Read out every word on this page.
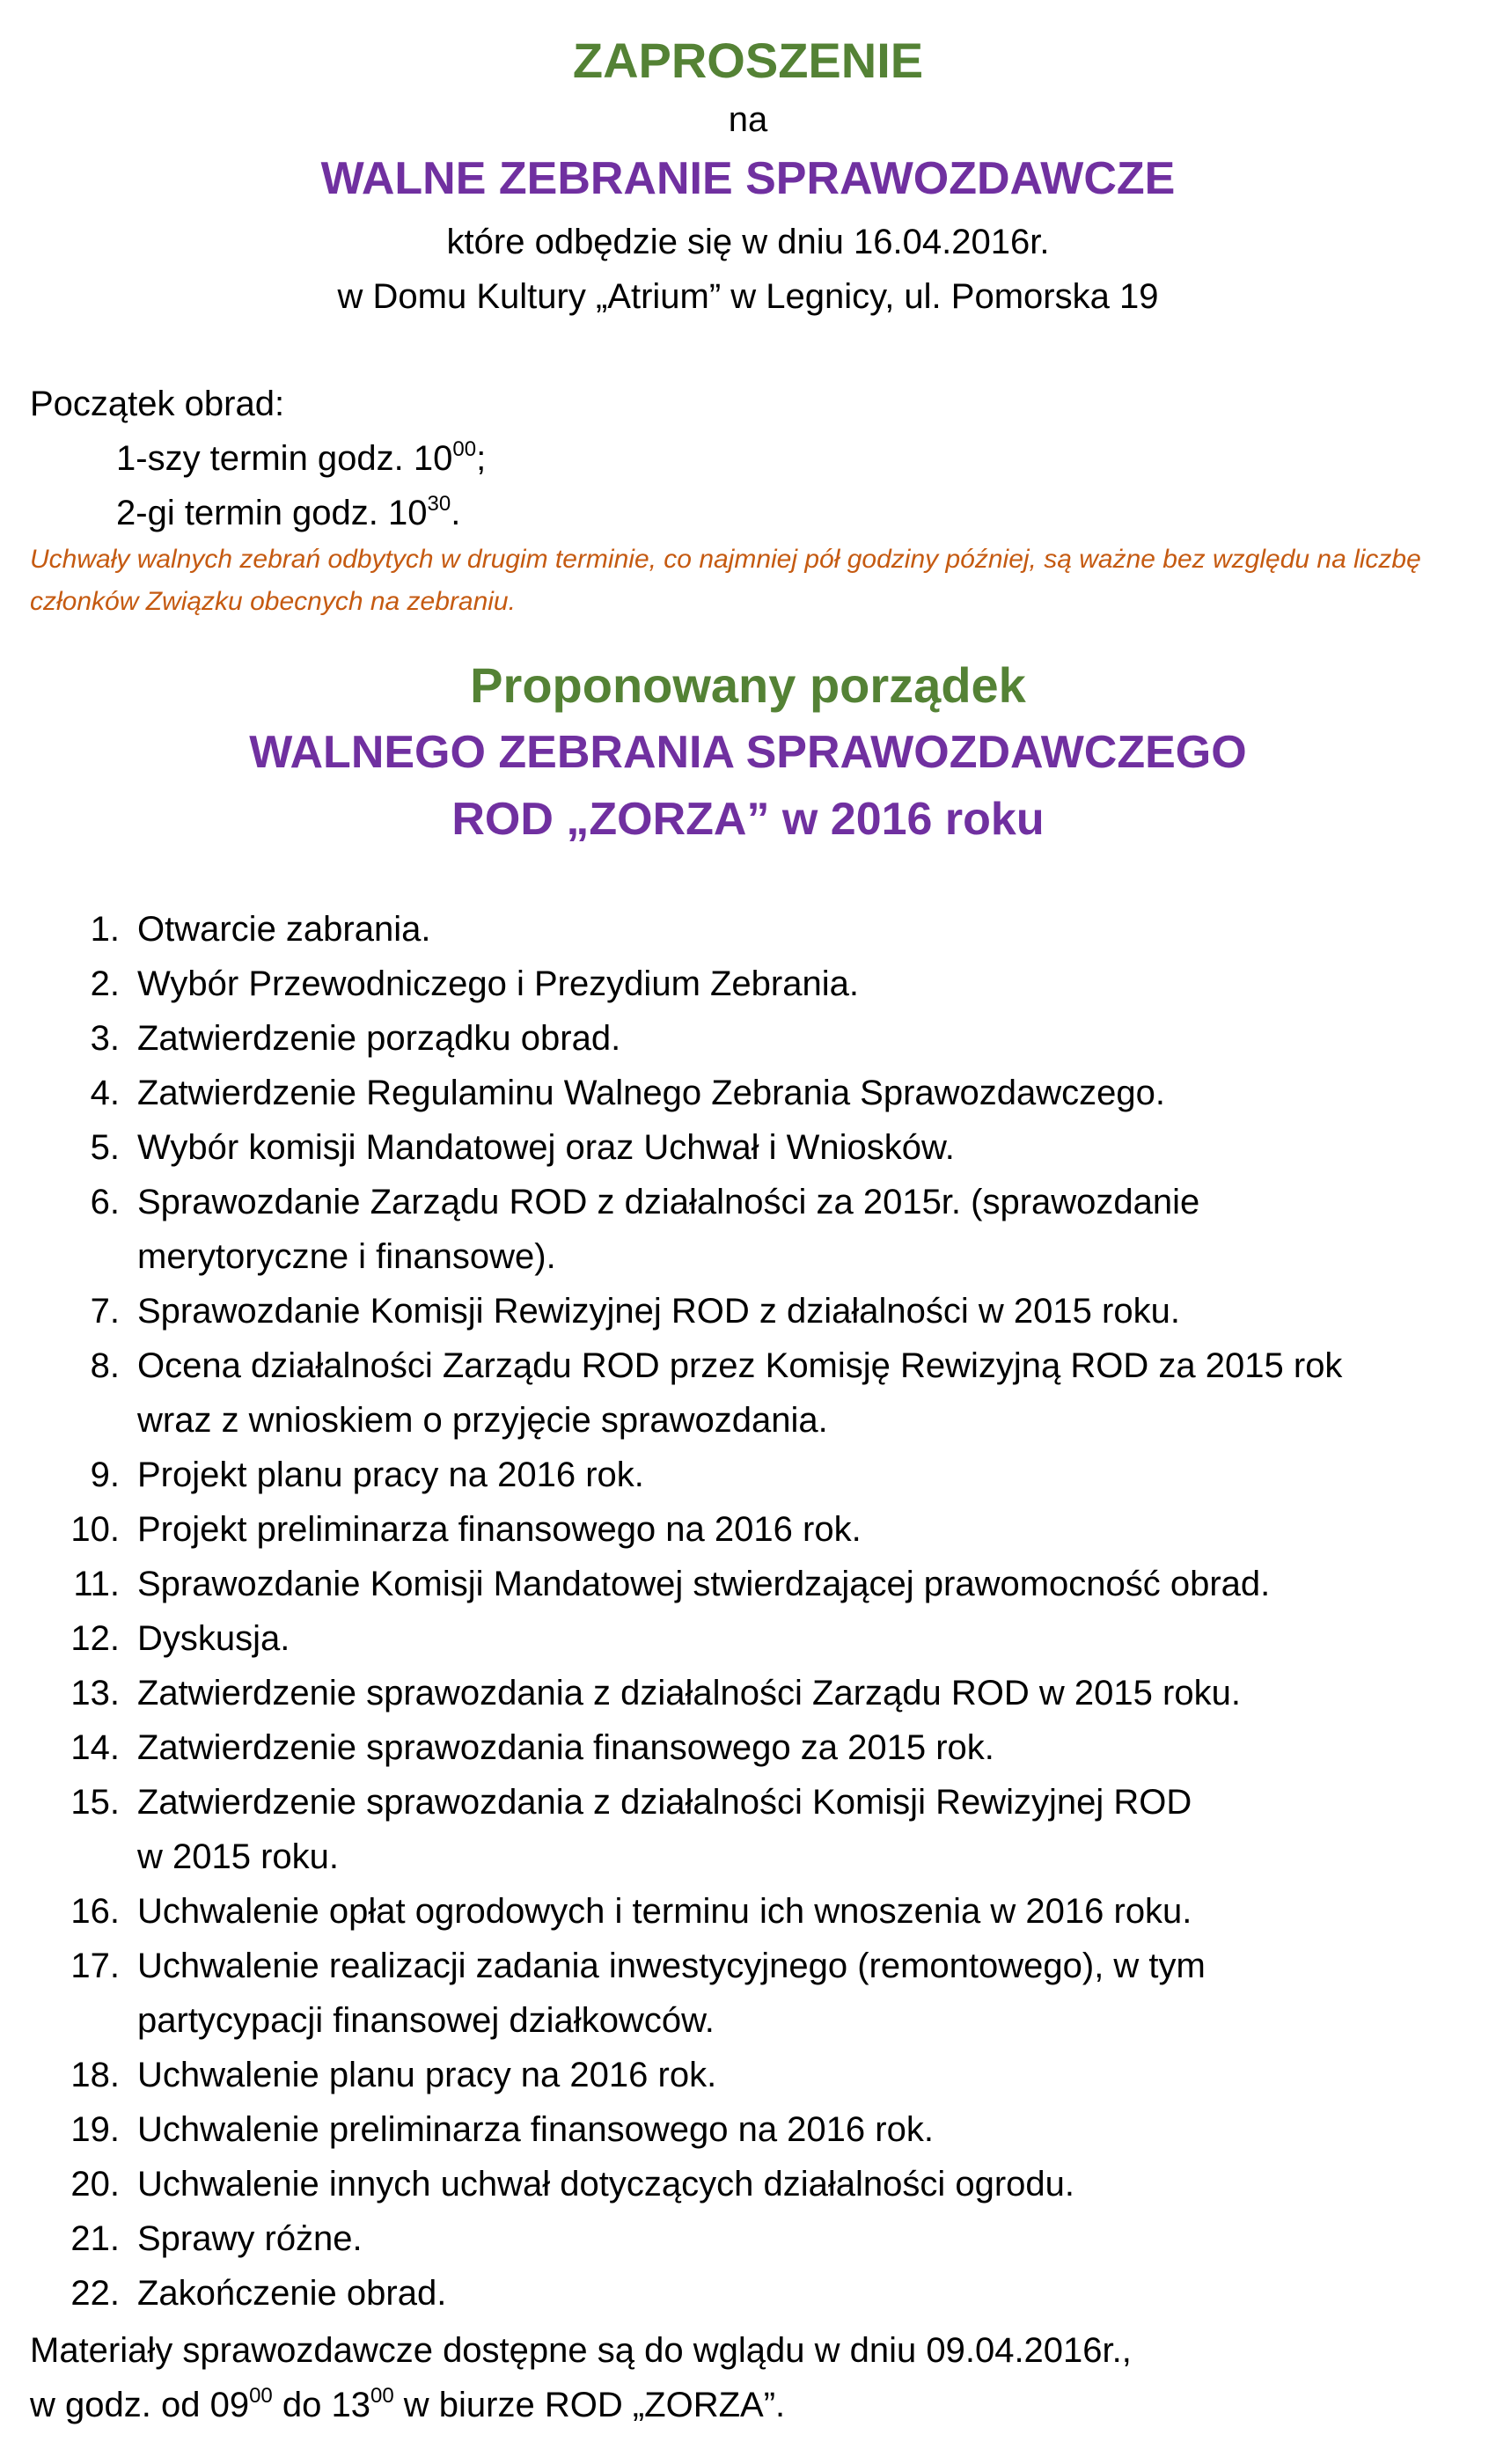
ZAPROSZENIE
na
WALNE ZEBRANIE SPRAWOZDAWCZE
które odbędzie się w dniu 16.04.2016r.
w Domu Kultury „Atrium” w Legnicy, ul. Pomorska 19
Początek obrad:
1-szy termin godz. $10^{00}$;
2-gi termin godz. $10^{30}$.
Uchwały walnych zebrań odbytych w drugim terminie, co najmniej pół godziny później, są ważne bez względu na liczbę członków Związku obecnych na zebraniu.
Proponowany porządek
WALNEGO ZEBRANIA SPRAWOZDAWCZEGO
ROD „ZORZA” w 2016 roku
1. Otwarcie zabrania.
2. Wybór Przewodniczego i Prezydium Zebrania.
3. Zatwierdzenie porządku obrad.
4. Zatwierdzenie Regulaminu Walnego Zebrania Sprawozdawczego.
5. Wybór komisji Mandatowej oraz Uchwał i Wniosków.
6. Sprawozdanie Zarządu ROD z działalności za 2015r. (sprawozdanie
merytoryczne i finansowe).
7. Sprawozdanie Komisji Rewizyjnej ROD z działalności w 2015 roku.
8. Ocena działalności Zarządu ROD przez Komisję Rewizyjną ROD za 2015 rok
wraz z wnioskiem o przyjęcie sprawozdania.
9. Projekt planu pracy na 2016 rok.
10. Projekt preliminarza finansowego na 2016 rok.
11. Sprawozdanie Komisji Mandatowej stwierdzającej prawomocność obrad.
12. Dyskusja.
13. Zatwierdzenie sprawozdania z działalności Zarządu ROD w 2015 roku.
14. Zatwierdzenie sprawozdania finansowego za 2015 rok.
15. Zatwierdzenie sprawozdania z działalności Komisji Rewizyjnej ROD
w 2015 roku.
16. Uchwalenie opłat ogrodowych i terminu ich wnoszenia w 2016 roku.
17. Uchwalenie realizacji zadania inwestycyjnego (remontowego), w tym
partycypacji finansowej działkowców.
18. Uchwalenie planu pracy na 2016 rok.
19. Uchwalenie preliminarza finansowego na 2016 rok.
20. Uchwalenie innych uchwał dotyczących działalności ogrodu.
21. Sprawy różne.
22. Zakończenie obrad.
Materiały sprawozdawcze dostępne są do wglądu w dniu 09.04.2016r.,
w godz. od $09^{00}$ do $13^{00}$ w biurze ROD „ZORZA”.
